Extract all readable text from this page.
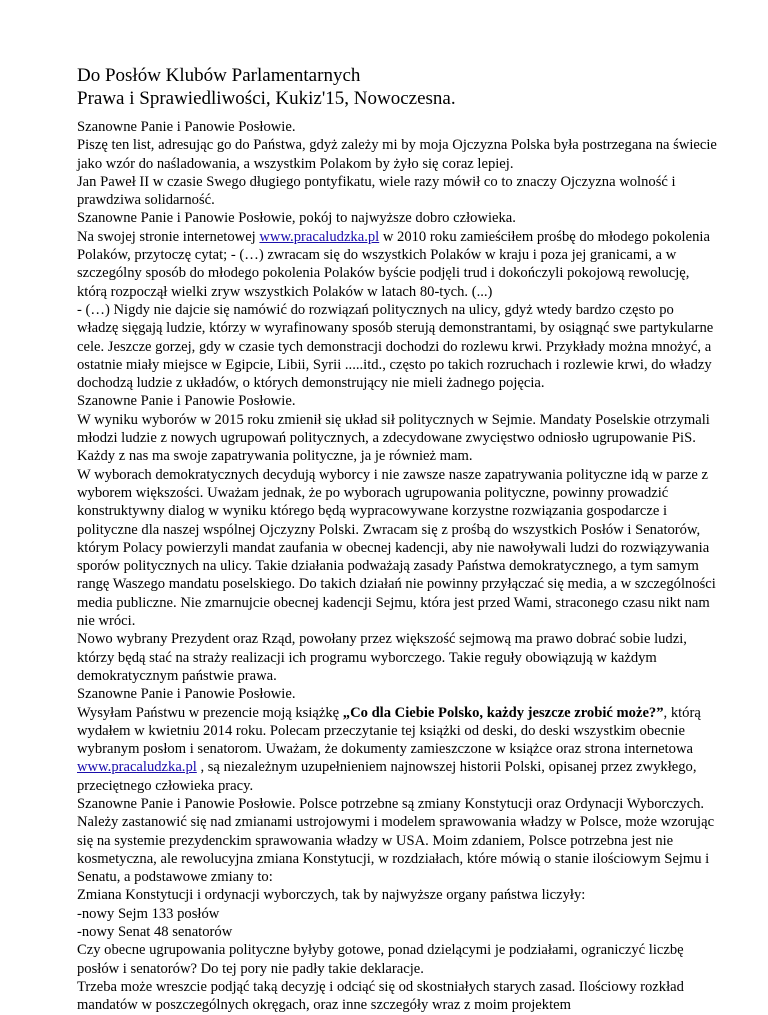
Do Posłów Klubów Parlamentarnych

Prawa i Sprawiedliwości, Kukiz'15, Nowoczesna.

Szanowne Panie i Panowie Posłowie.

Piszę ten list, adresując go do Państwa, gdyż zależy mi by moja Ojczyzna Polska była postrzegana na świecie jako wzór do naśladowania, a wszystkim Polakom by żyło się coraz lepiej.

Jan Paweł II w czasie Swego długiego pontyfikatu, wiele razy mówił co to znaczy Ojczyzna wolność i prawdziwa solidarność.

Szanowne Panie i Panowie Posłowie, pokój to najwyższe dobro człowieka.

Na swojej stronie internetowej www.pracaludzka.pl w 2010 roku zamieściłem prośbę do młodego pokolenia Polaków, przytoczę cytat; - (…) zwracam się do wszystkich Polaków w kraju i poza jej granicami, a w szczególny sposób do młodego pokolenia Polaków byście podjęli trud i dokończyli pokojową rewolucję, którą rozpoczął wielki zryw wszystkich Polaków w latach 80-tych. (...)

- (…) Nigdy nie dajcie się namówić do rozwiązań politycznych na ulicy, gdyż wtedy bardzo często po władzę sięgają ludzie, którzy w wyrafinowany sposób sterują demonstrantami, by osiągnąć swe partykularne cele. Jeszcze gorzej, gdy w czasie tych demonstracji dochodzi do rozlewu krwi. Przykłady można mnożyć, a ostatnie miały miejsce w Egipcie, Libii, Syrii .....itd., często po takich rozruchach i rozlewie krwi, do władzy dochodzą ludzie z układów, o których demonstrujący nie mieli żadnego pojęcia.

Szanowne Panie i Panowie Posłowie.

W wyniku wyborów w 2015 roku zmienił się układ sił politycznych w Sejmie. Mandaty Poselskie otrzymali młodzi ludzie z nowych ugrupowań politycznych, a zdecydowane zwycięstwo odniosło ugrupowanie PiS. Każdy z nas ma swoje zapatrywania polityczne, ja je również mam.

W wyborach demokratycznych decydują wyborcy i nie zawsze nasze zapatrywania polityczne idą w parze z wyborem większości. Uważam jednak, że po wyborach ugrupowania polityczne, powinny prowadzić konstruktywny dialog w wyniku którego będą wypracowywane korzystne rozwiązania gospodarcze i polityczne dla naszej wspólnej Ojczyzny Polski. Zwracam się z prośbą do wszystkich Posłów i Senatorów, którym Polacy powierzyli mandat zaufania w obecnej kadencji, aby nie nawoływali ludzi do rozwiązywania sporów politycznych na ulicy. Takie działania podważają zasady Państwa demokratycznego, a tym samym rangę Waszego mandatu poselskiego. Do takich działań nie powinny przyłączać się media, a w szczególności media publiczne. Nie zmarnujcie obecnej kadencji Sejmu, która jest przed Wami, straconego czasu nikt nam nie wróci.

Nowo wybrany Prezydent oraz Rząd, powołany przez większość sejmową ma prawo dobrać sobie ludzi, którzy będą stać na straży realizacji ich programu wyborczego. Takie reguły obowiązują w każdym demokratycznym państwie prawa.

Szanowne Panie i Panowie Posłowie.

Wysyłam Państwu w prezencie moją książkę „Co dla Ciebie Polsko, każdy jeszcze zrobić może?”, którą wydałem w kwietniu 2014 roku. Polecam przeczytanie tej książki od deski, do deski wszystkim obecnie wybranym posłom i senatorom. Uważam, że dokumenty zamieszczone w książce oraz strona internetowa www.pracaludzka.pl , są niezależnym uzupełnieniem najnowszej historii Polski, opisanej przez zwykłego, przeciętnego człowieka pracy.

Szanowne Panie i Panowie Posłowie. Polsce potrzebne są zmiany Konstytucji oraz Ordynacji Wyborczych. Należy zastanowić się nad zmianami ustrojowymi i modelem sprawowania władzy w Polsce, może wzorując się na systemie prezydenckim sprawowania władzy w USA. Moim zdaniem, Polsce potrzebna jest nie kosmetyczna, ale rewolucyjna zmiana Konstytucji, w rozdziałach, które mówią o stanie ilościowym Sejmu i Senatu, a podstawowe zmiany to:

Zmiana Konstytucji i ordynacji wyborczych, tak by najwyższe organy państwa liczyły:

-nowy Sejm 133 posłów

-nowy Senat 48 senatorów

Czy obecne ugrupowania polityczne byłyby gotowe, ponad dzielącymi je podziałami, ograniczyć liczbę posłów i senatorów? Do tej pory nie padły takie deklaracje.

Trzeba może wreszcie podjąć taką decyzję i odciąć się od skostniałych starych zasad. Ilościowy rozkład mandatów w poszczególnych okręgach, oraz inne szczegóły wraz z moim projektem
